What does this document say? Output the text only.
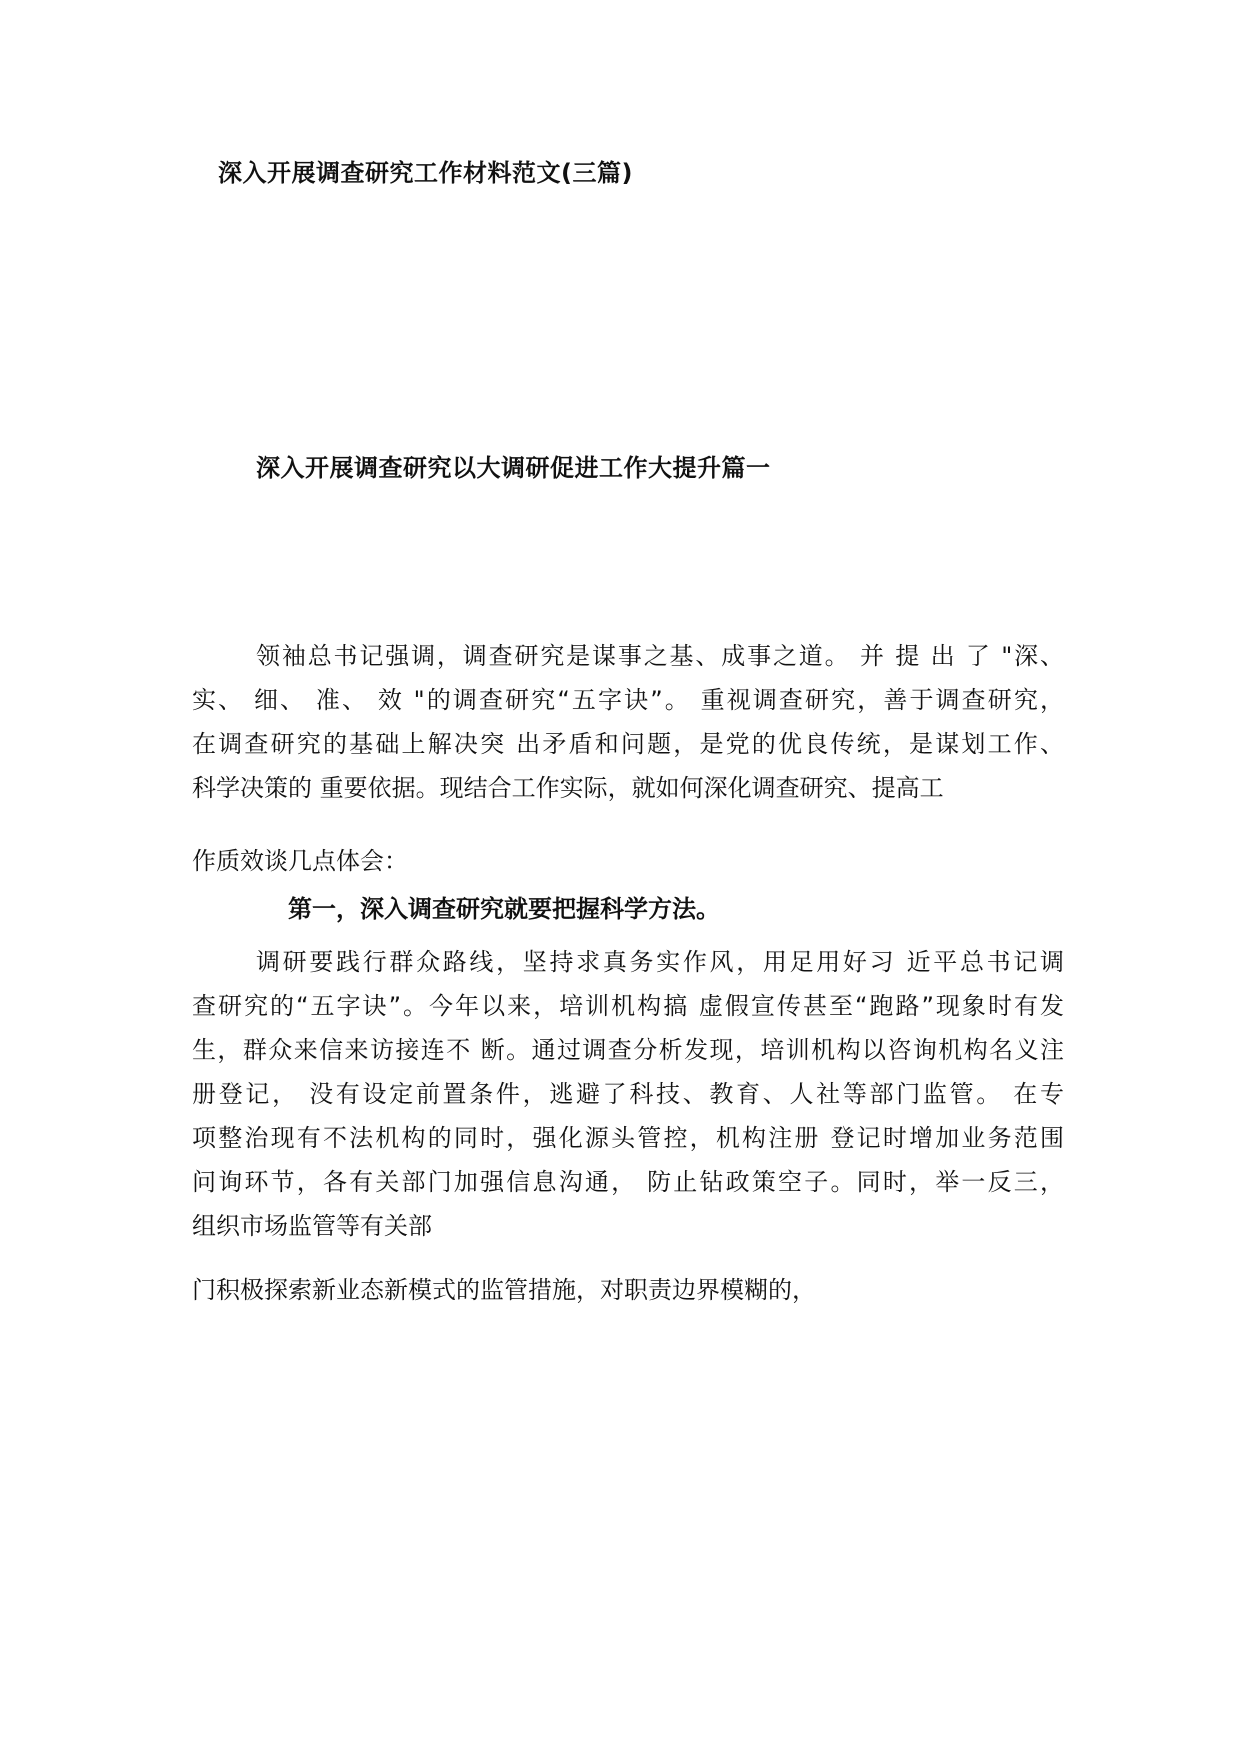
深入开展调查研究工作材料范文(三篇)
深入开展调查研究以大调研促进工作大提升篇一
领袖总书记强调，调查研究是谋事之基、成事之道。 并 提 出 了 "深、
实、 细、 准、 效 "的调查研究“五字诀”。 重视调查研究，善于调查研究，
在调查研究的基础上解决突 出矛盾和问题，是党的优良传统，是谋划工作、
科学决策的 重要依据。现结合工作实际，就如何深化调查研究、提高工
作质效谈几点体会：
第一，深入调查研究就要把握科学方法。
调研要践行群众路线，坚持求真务实作风，用足用好习 近平总书记调
查研究的“五字诀”。今年以来，培训机构搞 虚假宣传甚至“跑路”现象时有发
生，群众来信来访接连不 断。通过调查分析发现，培训机构以咨询机构名义注
册登记， 没有设定前置条件，逃避了科技、教育、人社等部门监管。 在专
项整治现有不法机构的同时，强化源头管控，机构注册 登记时增加业务范围
问询环节，各有关部门加强信息沟通， 防止钻政策空子。同时，举一反三，
组织市场监管等有关部
门积极探索新业态新模式的监管措施，对职责边界模糊的，
